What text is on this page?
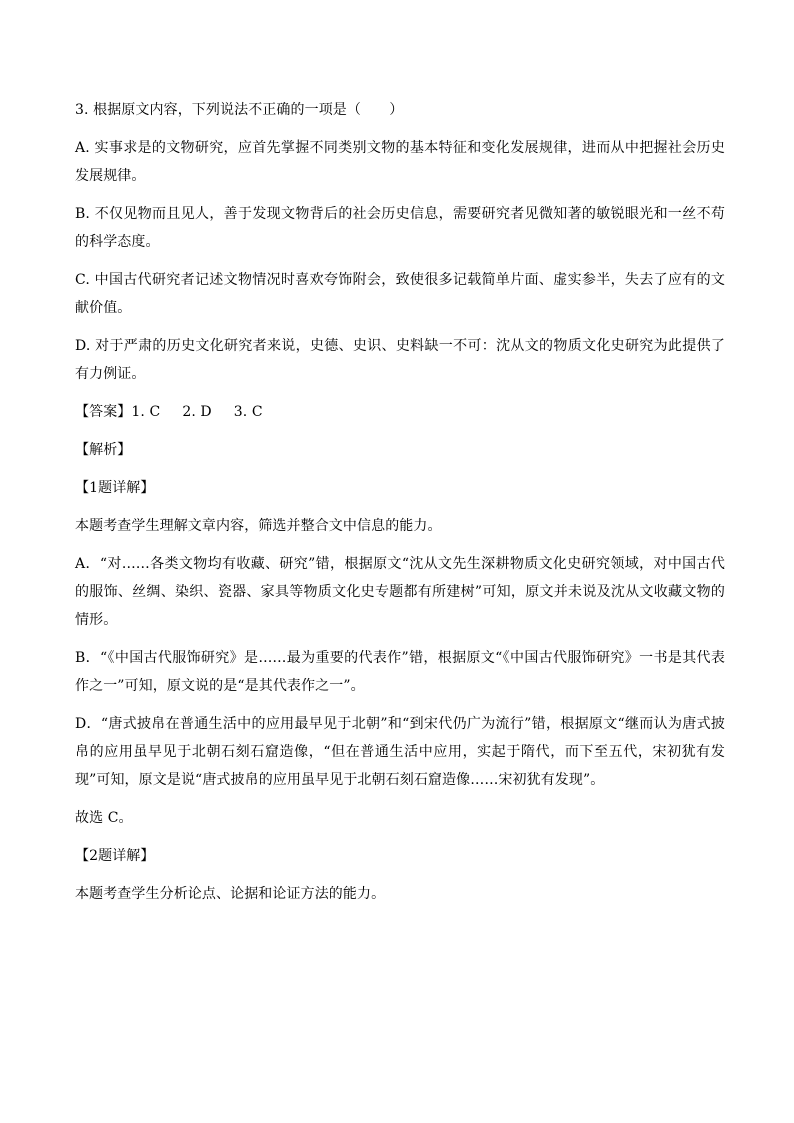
3. 根据原文内容，下列说法不正确的一项是（　　）

A. 实事求是的文物研究，应首先掌握不同类别文物的基本特征和变化发展规律，进而从中把握社会历史发展规律。

B. 不仅见物而且见人，善于发现文物背后的社会历史信息，需要研究者见微知著的敏锐眼光和一丝不苟的科学态度。

C. 中国古代研究者记述文物情况时喜欢夸饰附会，致使很多记载简单片面、虚实参半，失去了应有的文献价值。

D. 对于严肃的历史文化研究者来说，史德、史识、史料缺一不可：沈从文的物质文化史研究为此提供了有力例证。

【答案】1. C 2. D 3. C

【解析】

【1题详解】

本题考查学生理解文章内容，筛选并整合文中信息的能力。

A．“对……各类文物均有收藏、研究”错，根据原文“沈从文先生深耕物质文化史研究领域，对中国古代的服饰、丝绸、染织、瓷器、家具等物质文化史专题都有所建树”可知，原文并未说及沈从文收藏文物的情形。

B．“《中国古代服饰研究》是……最为重要的代表作”错，根据原文“《中国古代服饰研究》一书是其代表作之一”可知，原文说的是“是其代表作之一”。

D．“唐式披帛在普通生活中的应用最早见于北朝”和“到宋代仍广为流行”错，根据原文“继而认为唐式披帛的应用虽早见于北朝石刻石窟造像，“但在普通生活中应用，实起于隋代，而下至五代，宋初犹有发现”可知，原文是说“唐式披帛的应用虽早见于北朝石刻石窟造像……宋初犹有发现”。

故选 C。

【2题详解】

本题考查学生分析论点、论据和论证方法的能力。
